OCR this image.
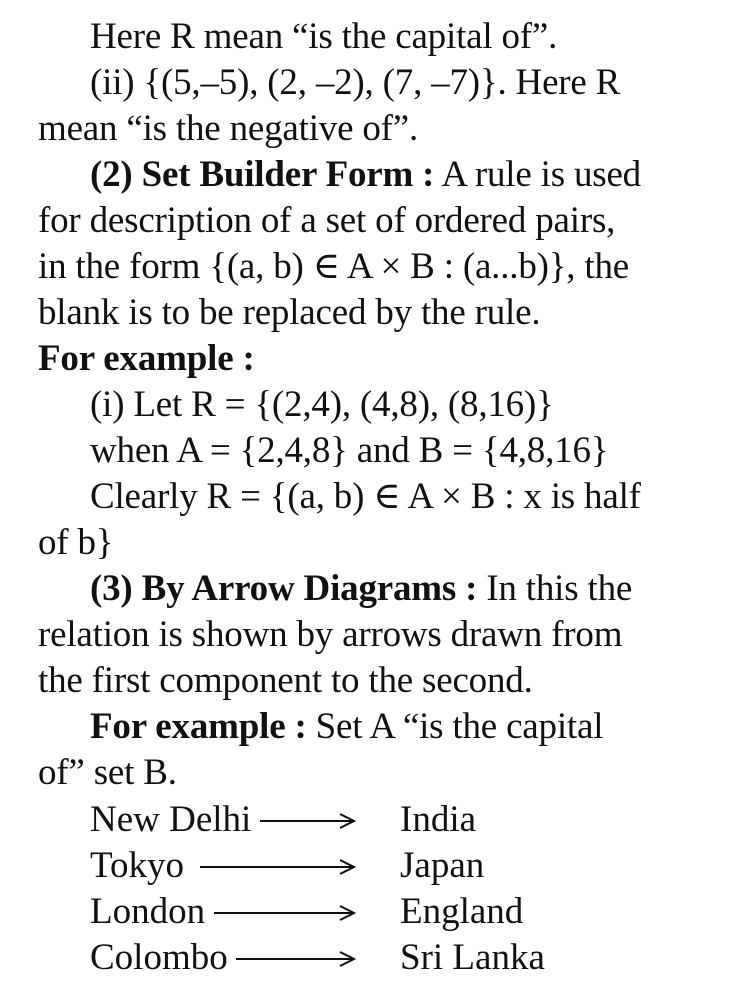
Here R mean “is the capital of”.
(ii) {(5,–5), (2, –2), (7, –7)}. Here R
mean “is the negative of”.
(2) Set Builder Form : A rule is used
for description of a set of ordered pairs,
in the form {(a, b) ∈ A × B : (a...b)}, the
blank is to be replaced by the rule.
For example :
(i) Let R = {(2,4), (4,8), (8,16)}
when A = {2,4,8} and B = {4,8,16}
Clearly R = {(a, b) ∈ A × B : x is half
of b}
(3) By Arrow Diagrams : In this the
relation is shown by arrows drawn from
the first component to the second.
For example : Set A “is the capital
of” set B.
New Delhi	India
Tokyo	Japan
London	England
Colombo	Sri Lanka
